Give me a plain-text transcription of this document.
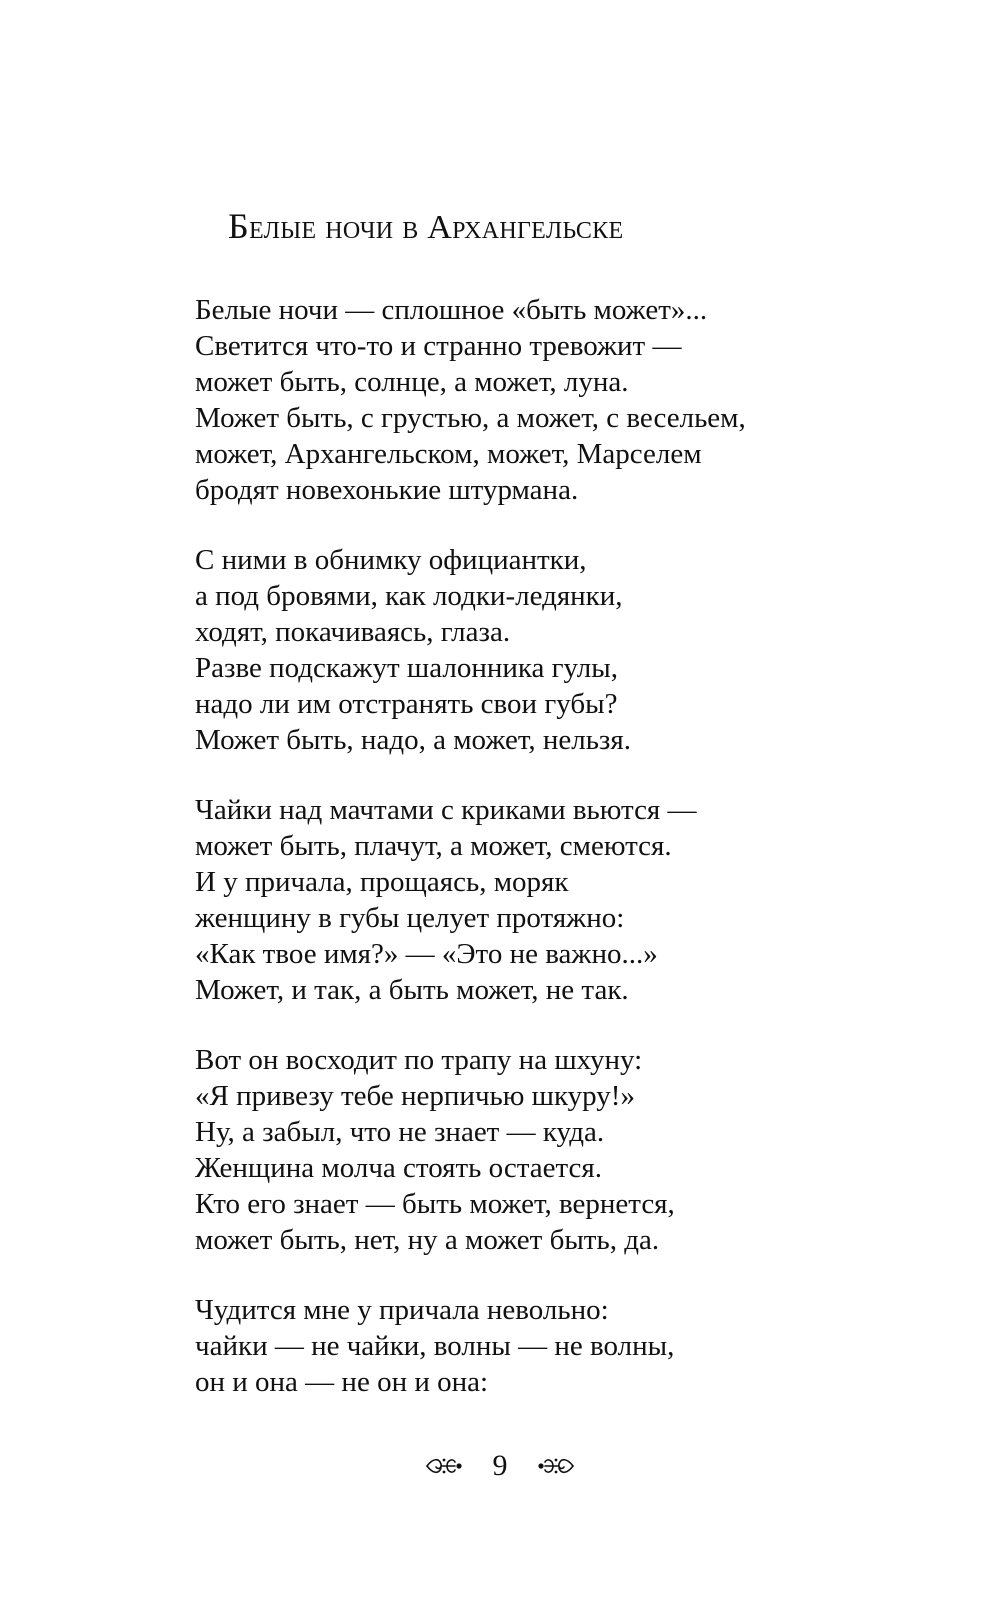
Белые ночи в Архангельске
Белые ночи — сплошное «быть может»...
Светится что-то и странно тревожит —
может быть, солнце, а может, луна.
Может быть, с грустью, а может, с весельем,
может, Архангельском, может, Марселем
бродят новехонькие штурмана.
С ними в обнимку официантки,
а под бровями, как лодки-ледянки,
ходят, покачиваясь, глаза.
Разве подскажут шалонника гулы,
надо ли им отстранять свои губы?
Может быть, надо, а может, нельзя.
Чайки над мачтами с криками вьются —
может быть, плачут, а может, смеются.
И у причала, прощаясь, моряк
женщину в губы целует протяжно:
«Как твое имя?» — «Это не важно...»
Может, и так, а быть может, не так.
Вот он восходит по трапу на шхуну:
«Я привезу тебе нерпичью шкуру!»
Ну, а забыл, что не знает — куда.
Женщина молча стоять остается.
Кто его знает — быть может, вернется,
может быть, нет, ну а может быть, да.
Чудится мне у причала невольно:
чайки — не чайки, волны — не волны,
он и она — не он и она:
9
